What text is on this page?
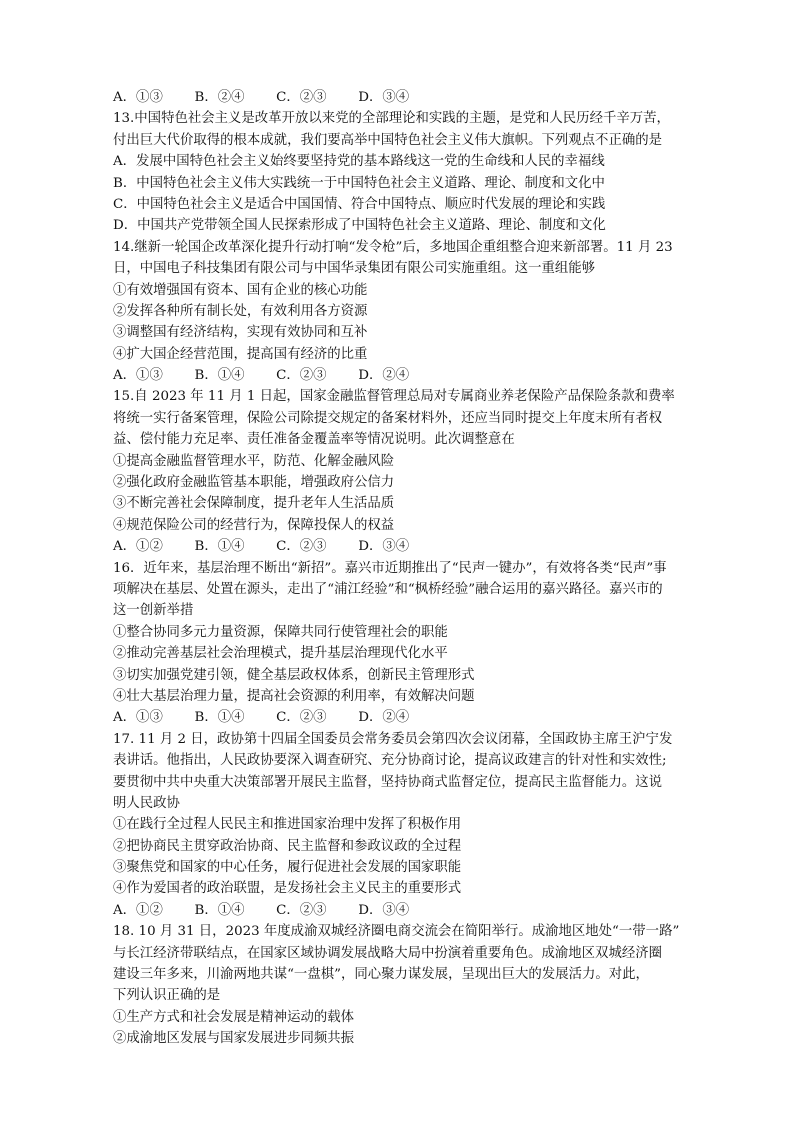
A．①③　 B．②④　 C．②③　 D．③④
13.中国特色社会主义是改革开放以来党的全部理论和实践的主题，是党和人民历经千辛万苦，
付出巨大代价取得的根本成就，我们要高举中国特色社会主义伟大旗帜。下列观点不正确的是
A．发展中国特色社会主义始终要坚持党的基本路线这一党的生命线和人民的幸福线
B．中国特色社会主义伟大实践统一于中国特色社会主义道路、理论、制度和文化中
C．中国特色社会主义是适合中国国情、符合中国特点、顺应时代发展的理论和实践
D．中国共产党带领全国人民探索形成了中国特色社会主义道路、理论、制度和文化
14.继新一轮国企改革深化提升行动打响“发令枪”后，多地国企重组整合迎来新部署。11 月 23
日，中国电子科技集团有限公司与中国华录集团有限公司实施重组。这一重组能够
①有效增强国有资本、国有企业的核心功能
②发挥各种所有制长处，有效利用各方资源
③调整国有经济结构，实现有效协同和互补
④扩大国企经营范围，提高国有经济的比重
A．①③　 B．①④　 C．②③　 D．②④
15.自 2023 年 11 月 1 日起，国家金融监督管理总局对专属商业养老保险产品保险条款和费率
将统一实行备案管理，保险公司除提交规定的备案材料外，还应当同时提交上年度末所有者权
益、偿付能力充足率、责任准备金覆盖率等情况说明。此次调整意在
①提高金融监督管理水平，防范、化解金融风险
②强化政府金融监管基本职能，增强政府公信力
③不断完善社会保障制度，提升老年人生活品质
④规范保险公司的经营行为，保障投保人的权益
A．①②　 B．①④　 C．②③　 D．③④
16．近年来，基层治理不断出“新招”。嘉兴市近期推出了“民声一键办”，有效将各类“民声”事
项解决在基层、处置在源头，走出了“浦江经验”和“枫桥经验”融合运用的嘉兴路径。嘉兴市的
这一创新举措
①整合协同多元力量资源，保障共同行使管理社会的职能
②推动完善基层社会治理模式，提升基层治理现代化水平
③切实加强党建引领，健全基层政权体系，创新民主管理形式
④壮大基层治理力量，提高社会资源的利用率，有效解决问题
A．①③　 B．①④　 C．②③　 D．②④
17. 11 月 2 日，政协第十四届全国委员会常务委员会第四次会议闭幕，全国政协主席王沪宁发
表讲话。他指出，人民政协要深入调查研究、充分协商讨论，提高议政建言的针对性和实效性;
要贯彻中共中央重大决策部署开展民主监督，坚持协商式监督定位，提高民主监督能力。这说
明人民政协
①在践行全过程人民民主和推进国家治理中发挥了积极作用
②把协商民主贯穿政治协商、民主监督和参政议政的全过程
③聚焦党和国家的中心任务，履行促进社会发展的国家职能
④作为爱国者的政治联盟，是发扬社会主义民主的重要形式
A．①②　 B．①④　 C．②③　 D．③④
18. 10 月 31 日，2023 年度成渝双城经济圈电商交流会在简阳举行。成渝地区地处“一带一路”
与长江经济带联结点，在国家区域协调发展战略大局中扮演着重要角色。成渝地区双城经济圈
建设三年多来，川渝两地共谋“一盘棋”，同心聚力谋发展，呈现出巨大的发展活力。对此，
下列认识正确的是
①生产方式和社会发展是精神运动的载体
②成渝地区发展与国家发展进步同频共振
